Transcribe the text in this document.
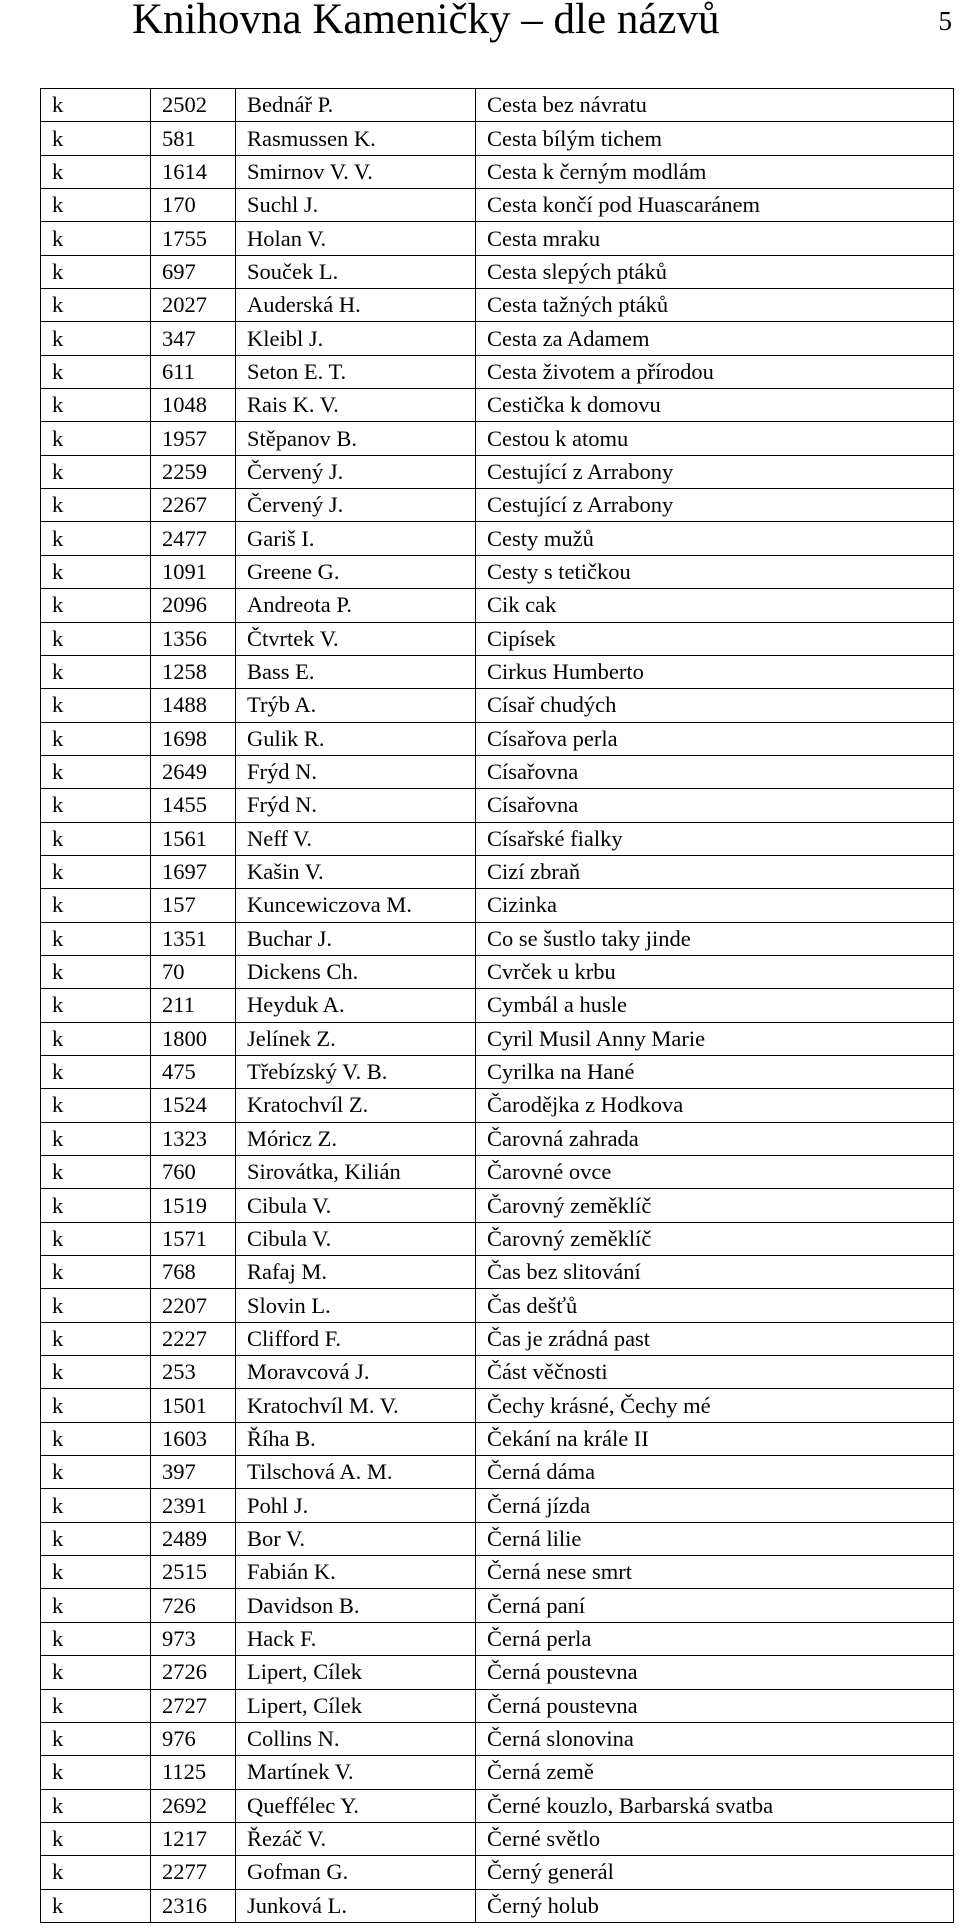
Knihovna Kameničky – dle názvů	5
k	2502	Bednář P.	Cesta bez návratu
k	581	Rasmussen K.	Cesta bílým tichem
k	1614	Smirnov V. V.	Cesta k černým modlám
k	170	Suchl J.	Cesta končí pod Huascaránem
k	1755	Holan V.	Cesta mraku
k	697	Souček L.	Cesta slepých ptáků
k	2027	Auderská H.	Cesta tažných ptáků
k	347	Kleibl J.	Cesta za Adamem
k	611	Seton E. T.	Cesta životem a přírodou
k	1048	Rais K. V.	Cestička k domovu
k	1957	Stěpanov B.	Cestou k atomu
k	2259	Červený J.	Cestující z Arrabony
k	2267	Červený J.	Cestující z Arrabony
k	2477	Gariš I.	Cesty mužů
k	1091	Greene G.	Cesty s tetičkou
k	2096	Andreota P.	Cik cak
k	1356	Čtvrtek V.	Cipísek
k	1258	Bass E.	Cirkus Humberto
k	1488	Trýb A.	Císař chudých
k	1698	Gulik R.	Císařova perla
k	2649	Frýd N.	Císařovna
k	1455	Frýd N.	Císařovna
k	1561	Neff V.	Císařské fialky
k	1697	Kašin V.	Cizí zbraň
k	157	Kuncewiczova M.	Cizinka
k	1351	Buchar J.	Co se šustlo taky jinde
k	70	Dickens Ch.	Cvrček u krbu
k	211	Heyduk A.	Cymbál a husle
k	1800	Jelínek Z.	Cyril Musil Anny Marie
k	475	Třebízský V. B.	Cyrilka na Hané
k	1524	Kratochvíl Z.	Čarodějka z Hodkova
k	1323	Móricz Z.	Čarovná zahrada
k	760	Sirovátka, Kilián	Čarovné ovce
k	1519	Cibula V.	Čarovný zeměklíč
k	1571	Cibula V.	Čarovný zeměklíč
k	768	Rafaj M.	Čas bez slitování
k	2207	Slovin L.	Čas dešťů
k	2227	Clifford F.	Čas je zrádná past
k	253	Moravcová J.	Část věčnosti
k	1501	Kratochvíl M. V.	Čechy krásné, Čechy mé
k	1603	Říha B.	Čekání na krále II
k	397	Tilschová A. M.	Černá dáma
k	2391	Pohl J.	Černá jízda
k	2489	Bor V.	Černá lilie
k	2515	Fabián K.	Černá nese smrt
k	726	Davidson B.	Černá paní
k	973	Hack F.	Černá perla
k	2726	Lipert, Cílek	Černá poustevna
k	2727	Lipert, Cílek	Černá poustevna
k	976	Collins N.	Černá slonovina
k	1125	Martínek V.	Černá země
k	2692	Queffélec Y.	Černé kouzlo, Barbarská svatba
k	1217	Řezáč V.	Černé světlo
k	2277	Gofman G.	Černý generál
k	2316	Junková L.	Černý holub
